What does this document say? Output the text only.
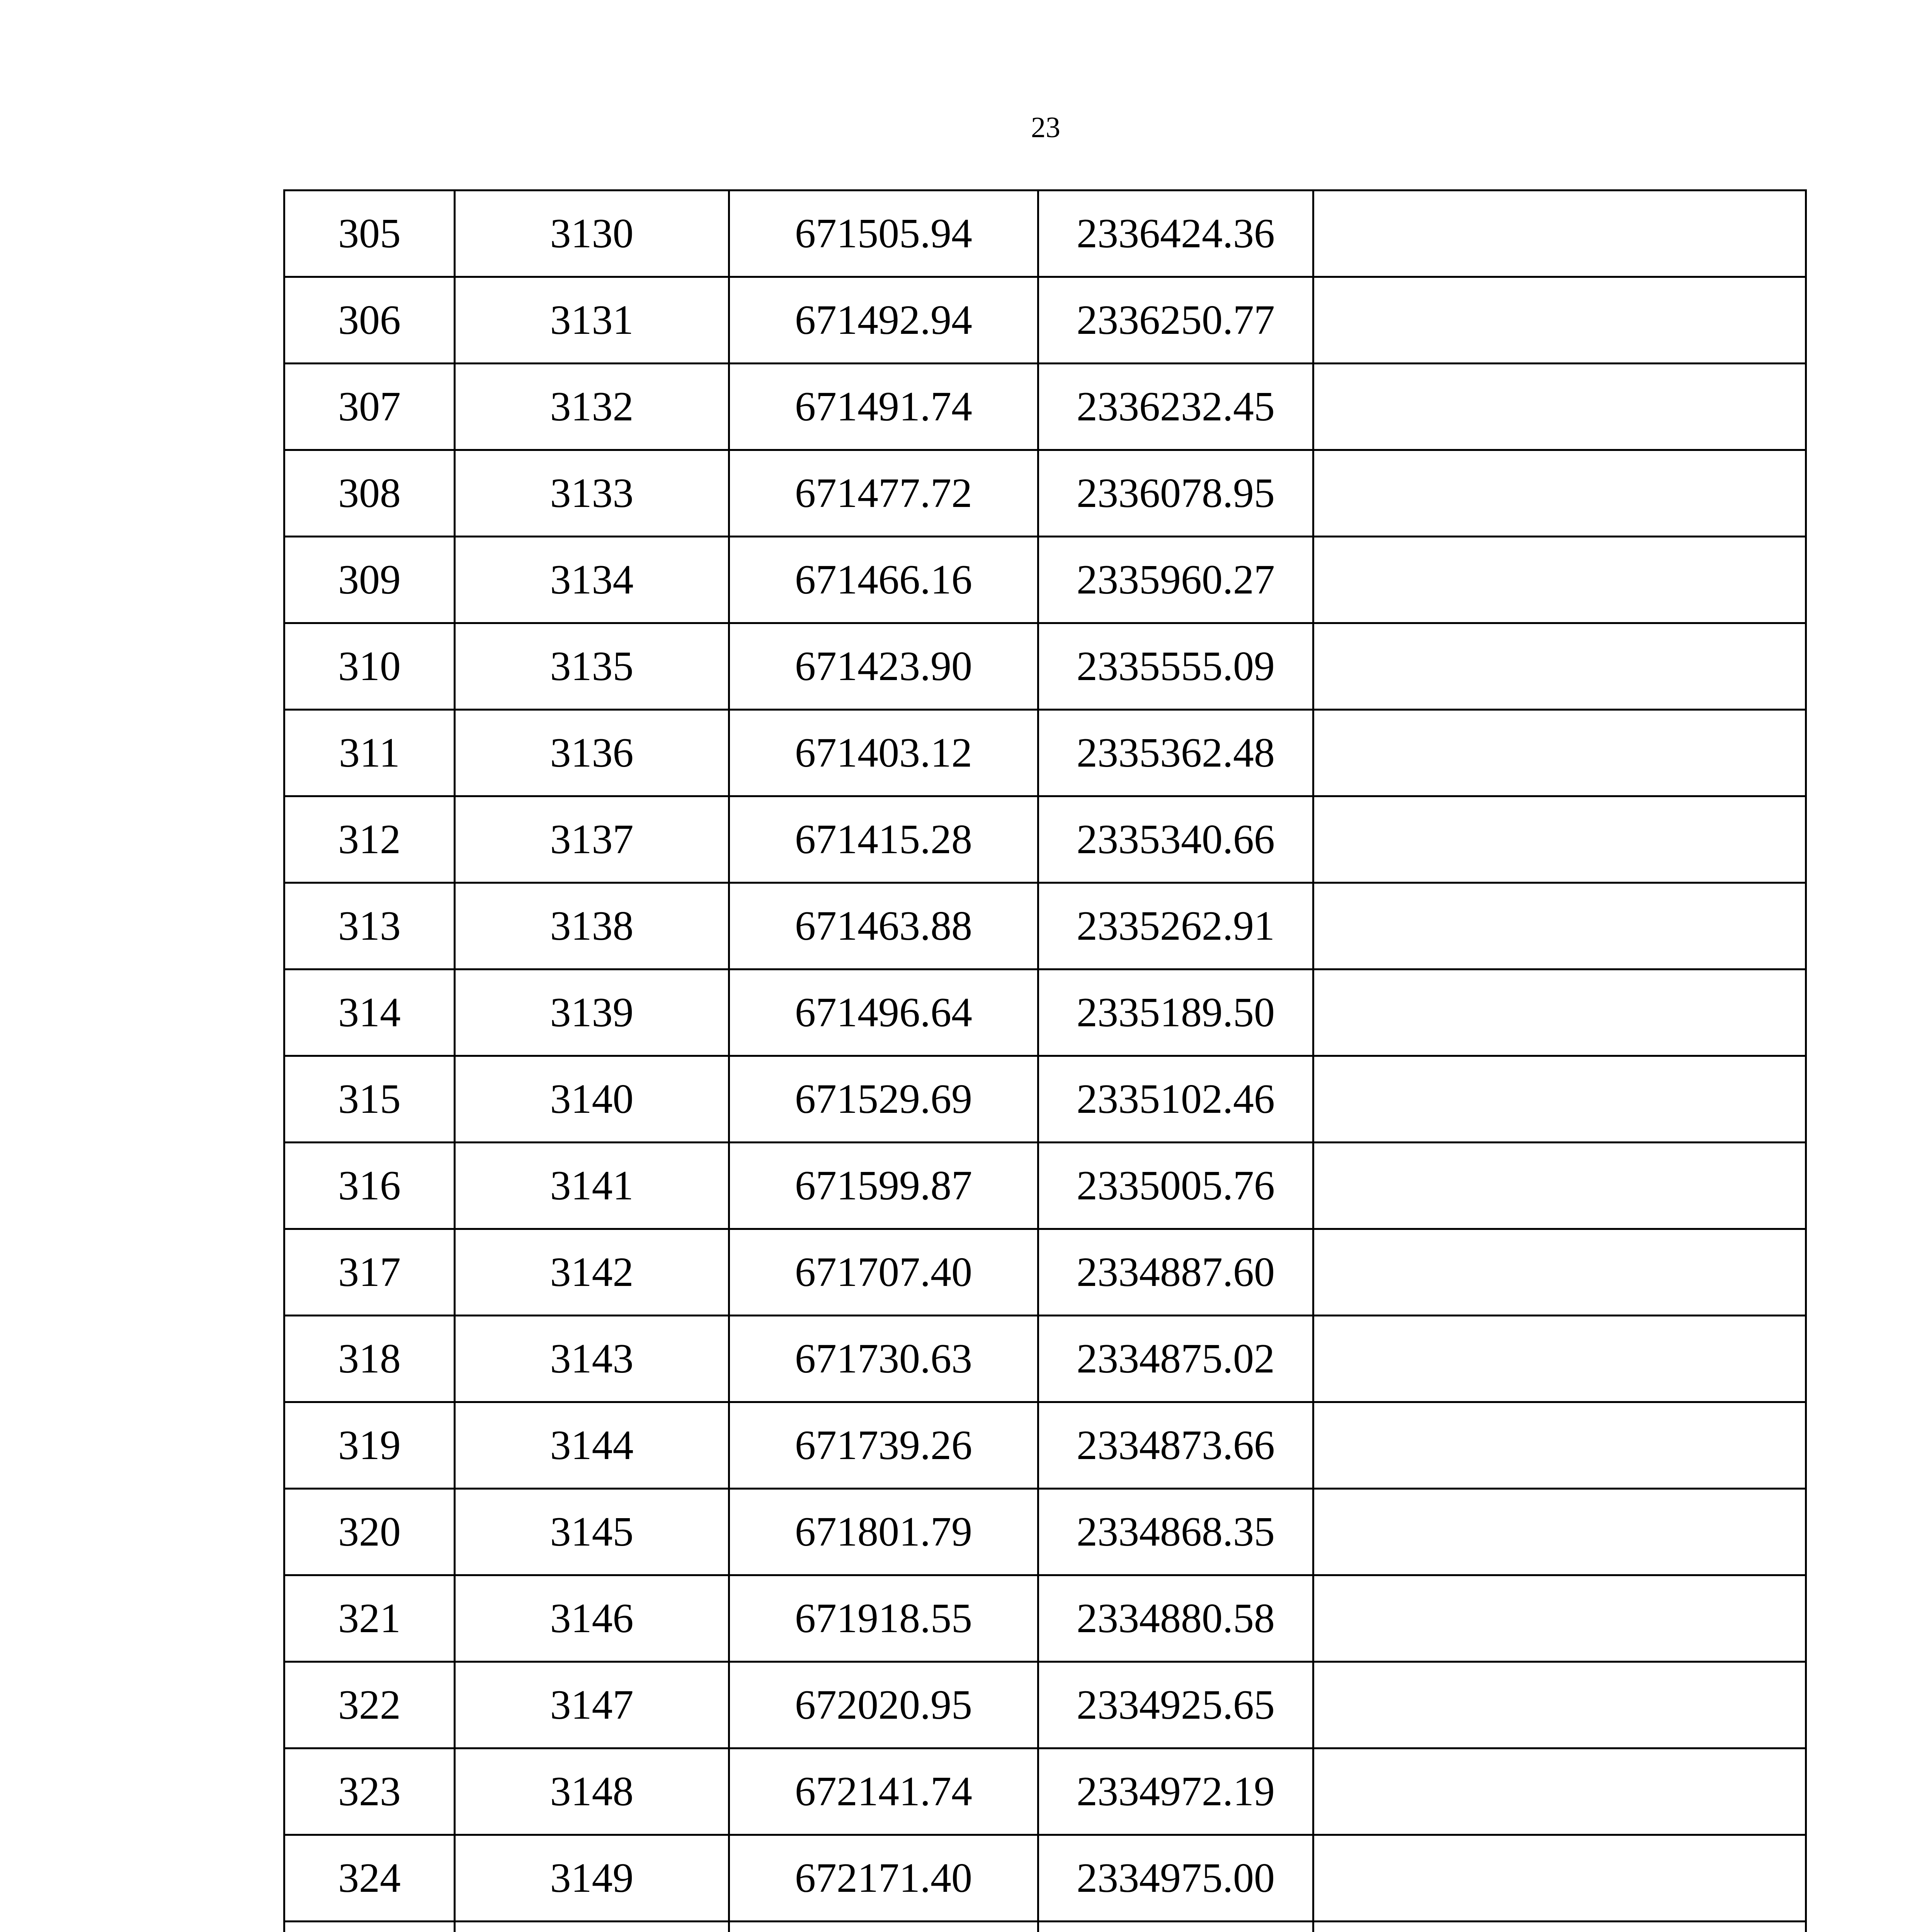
23
305	3130	671505.94	2336424.36	
306	3131	671492.94	2336250.77	
307	3132	671491.74	2336232.45	
308	3133	671477.72	2336078.95	
309	3134	671466.16	2335960.27	
310	3135	671423.90	2335555.09	
311	3136	671403.12	2335362.48	
312	3137	671415.28	2335340.66	
313	3138	671463.88	2335262.91	
314	3139	671496.64	2335189.50	
315	3140	671529.69	2335102.46	
316	3141	671599.87	2335005.76	
317	3142	671707.40	2334887.60	
318	3143	671730.63	2334875.02	
319	3144	671739.26	2334873.66	
320	3145	671801.79	2334868.35	
321	3146	671918.55	2334880.58	
322	3147	672020.95	2334925.65	
323	3148	672141.74	2334972.19	
324	3149	672171.40	2334975.00	
